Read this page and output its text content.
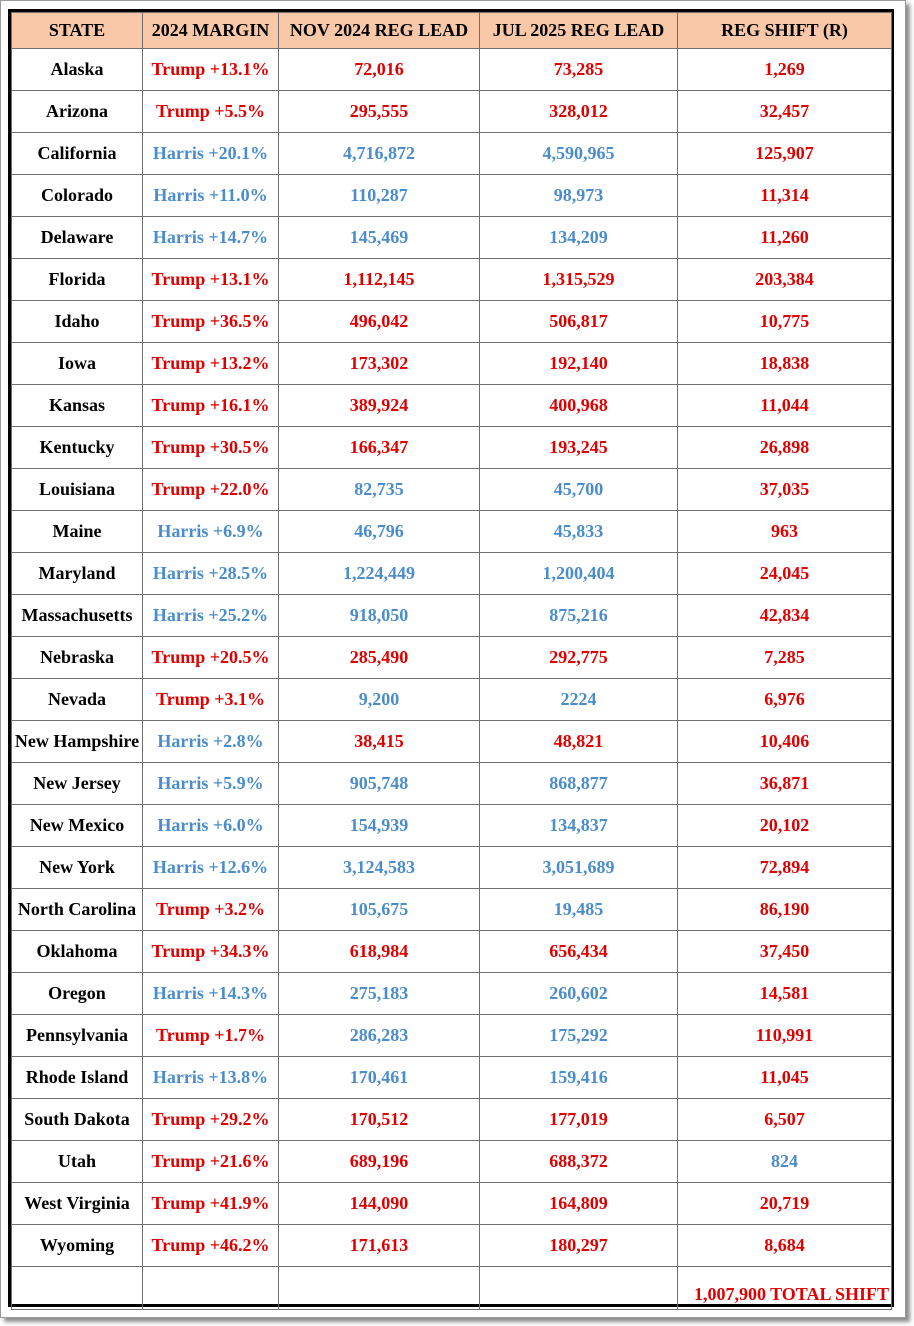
STATE	2024 MARGIN	NOV 2024 REG LEAD	JUL 2025 REG LEAD	REG SHIFT (R)
Alaska	Trump +13.1%	72,016	73,285	1,269
Arizona	Trump +5.5%	295,555	328,012	32,457
California	Harris +20.1%	4,716,872	4,590,965	125,907
Colorado	Harris +11.0%	110,287	98,973	11,314
Delaware	Harris +14.7%	145,469	134,209	11,260
Florida	Trump +13.1%	1,112,145	1,315,529	203,384
Idaho	Trump +36.5%	496,042	506,817	10,775
Iowa	Trump +13.2%	173,302	192,140	18,838
Kansas	Trump +16.1%	389,924	400,968	11,044
Kentucky	Trump +30.5%	166,347	193,245	26,898
Louisiana	Trump +22.0%	82,735	45,700	37,035
Maine	Harris +6.9%	46,796	45,833	963
Maryland	Harris +28.5%	1,224,449	1,200,404	24,045
Massachusetts	Harris +25.2%	918,050	875,216	42,834
Nebraska	Trump +20.5%	285,490	292,775	7,285
Nevada	Trump +3.1%	9,200	2224	6,976
New Hampshire	Harris +2.8%	38,415	48,821	10,406
New Jersey	Harris +5.9%	905,748	868,877	36,871
New Mexico	Harris +6.0%	154,939	134,837	20,102
New York	Harris +12.6%	3,124,583	3,051,689	72,894
North Carolina	Trump +3.2%	105,675	19,485	86,190
Oklahoma	Trump +34.3%	618,984	656,434	37,450
Oregon	Harris +14.3%	275,183	260,602	14,581
Pennsylvania	Trump +1.7%	286,283	175,292	110,991
Rhode Island	Harris +13.8%	170,461	159,416	11,045
South Dakota	Trump +29.2%	170,512	177,019	6,507
Utah	Trump +21.6%	689,196	688,372	824
West Virginia	Trump +41.9%	144,090	164,809	20,719
Wyoming	Trump +46.2%	171,613	180,297	8,684
				1,007,900 TOTAL SHIFT
